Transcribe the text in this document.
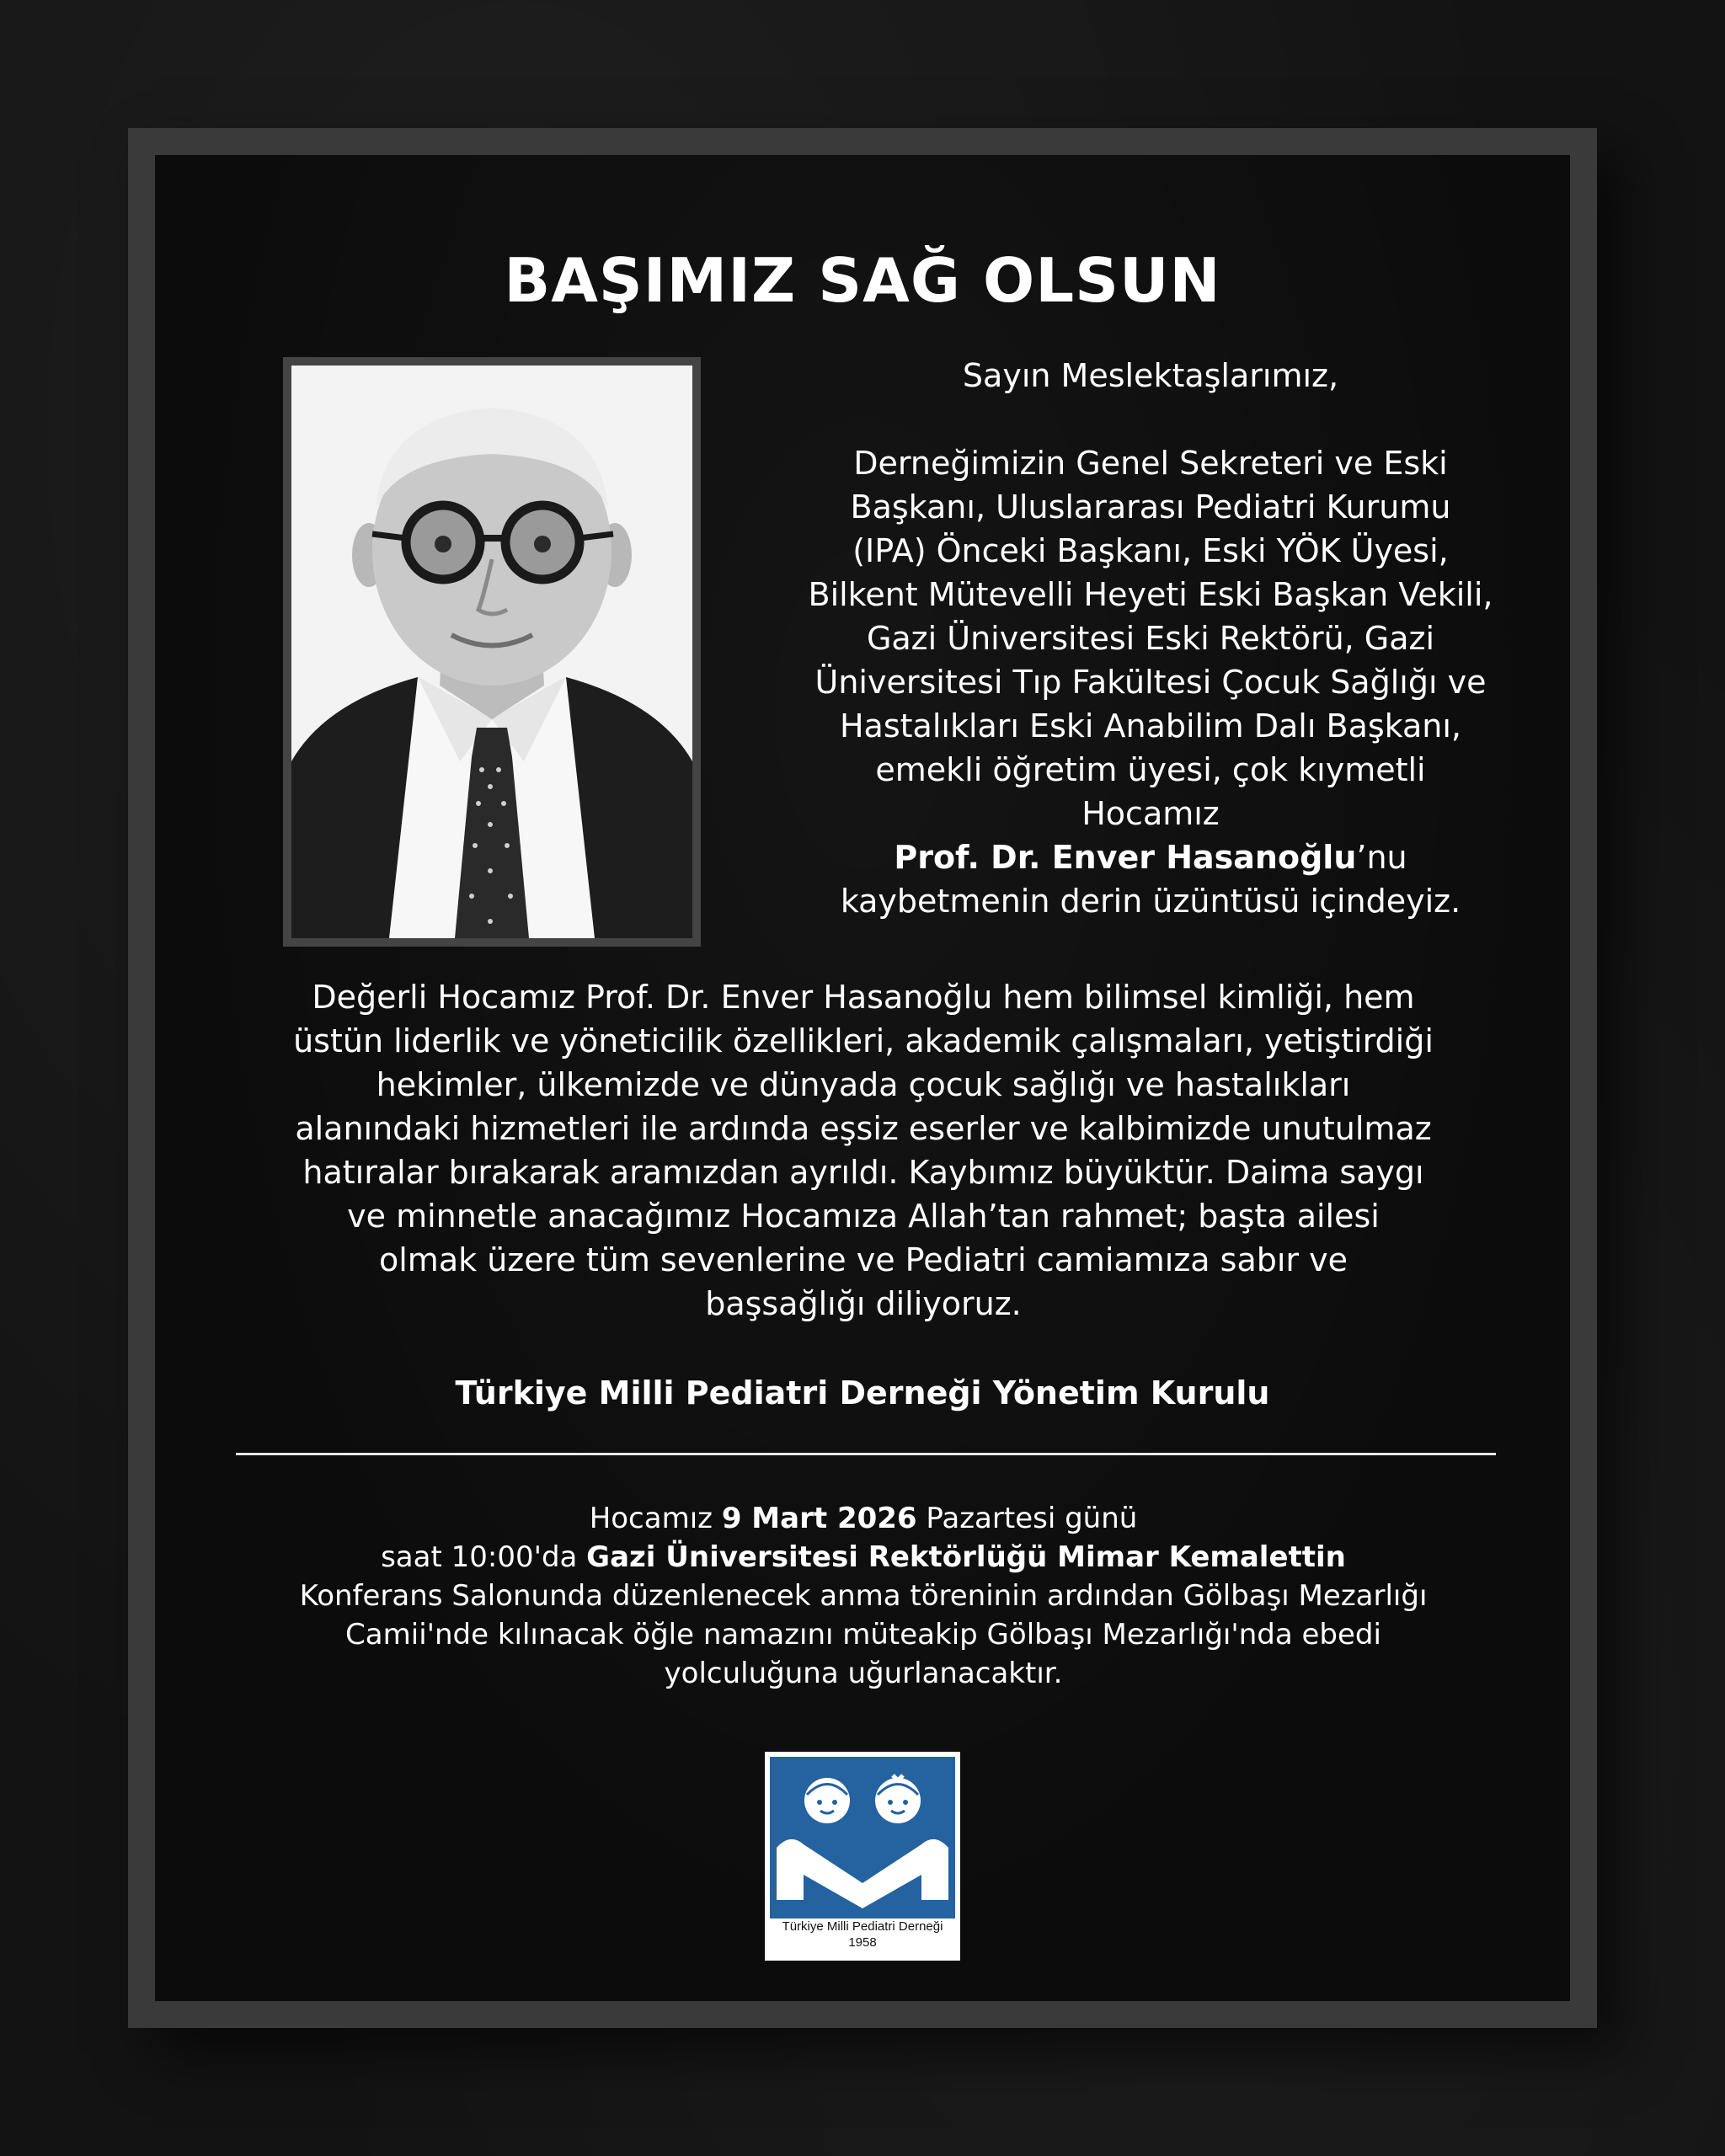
BAŞIMIZ SAĞ OLSUN

Sayın Meslektaşlarımız,

Derneğimizin Genel Sekreteri ve Eski

Başkanı, Uluslararası Pediatri Kurumu

(IPA) Önceki Başkanı, Eski YÖK Üyesi,

Bilkent Mütevelli Heyeti Eski Başkan Vekili,

Gazi Üniversitesi Eski Rektörü, Gazi

Üniversitesi Tıp Fakültesi Çocuk Sağlığı ve

Hastalıkları Eski Anabilim Dalı Başkanı,

emekli öğretim üyesi, çok kıymetli

Hocamız

Prof. Dr. Enver Hasanoğlu’nu

kaybetmenin derin üzüntüsü içindeyiz.

Değerli Hocamız Prof. Dr. Enver Hasanoğlu hem bilimsel kimliği, hem
üstün liderlik ve yöneticilik özellikleri, akademik çalışmaları, yetiştirdiği
hekimler, ülkemizde ve dünyada çocuk sağlığı ve hastalıkları
alanındaki hizmetleri ile ardında eşsiz eserler ve kalbimizde unutulmaz
hatıralar bırakarak aramızdan ayrıldı. Kaybımız büyüktür. Daima saygı
ve minnetle anacağımız Hocamıza Allah’tan rahmet; başta ailesi
olmak üzere tüm sevenlerine ve Pediatri camiamıza sabır ve
başsağlığı diliyoruz.
Türkiye Milli Pediatri Derneği Yönetim Kurulu
Hocamız 9 Mart 2026 Pazartesi günü
saat 10:00'da Gazi Üniversitesi Rektörlüğü Mimar Kemalettin
Konferans Salonunda düzenlenecek anma töreninin ardından Gölbaşı Mezarlığı
Camii'nde kılınacak öğle namazını müteakip Gölbaşı Mezarlığı'nda ebedi
yolculuğuna uğurlanacaktır.
Türkiye Milli Pediatri Derneği
1958
